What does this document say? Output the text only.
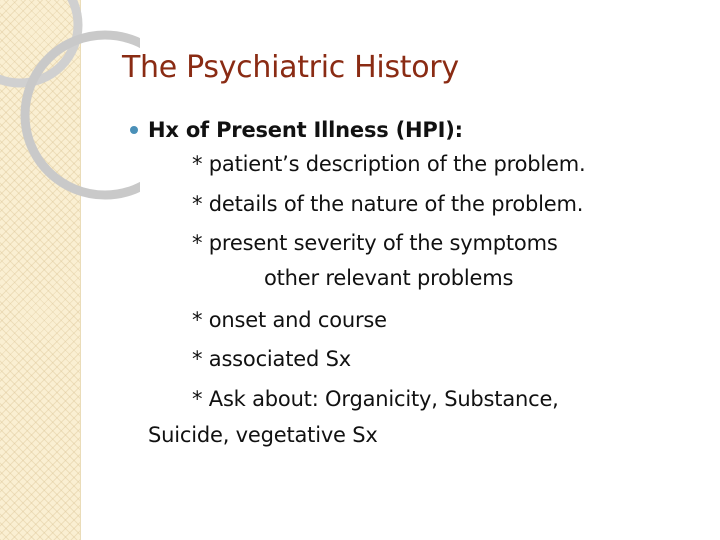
The Psychiatric History
Hx of Present Illness (HPI):
* patient’s description of the problem.
* details of the nature of the problem.
* present severity of the symptoms
other relevant problems
* onset and course
* associated Sx
* Ask about: Organicity, Substance,
Suicide, vegetative Sx
